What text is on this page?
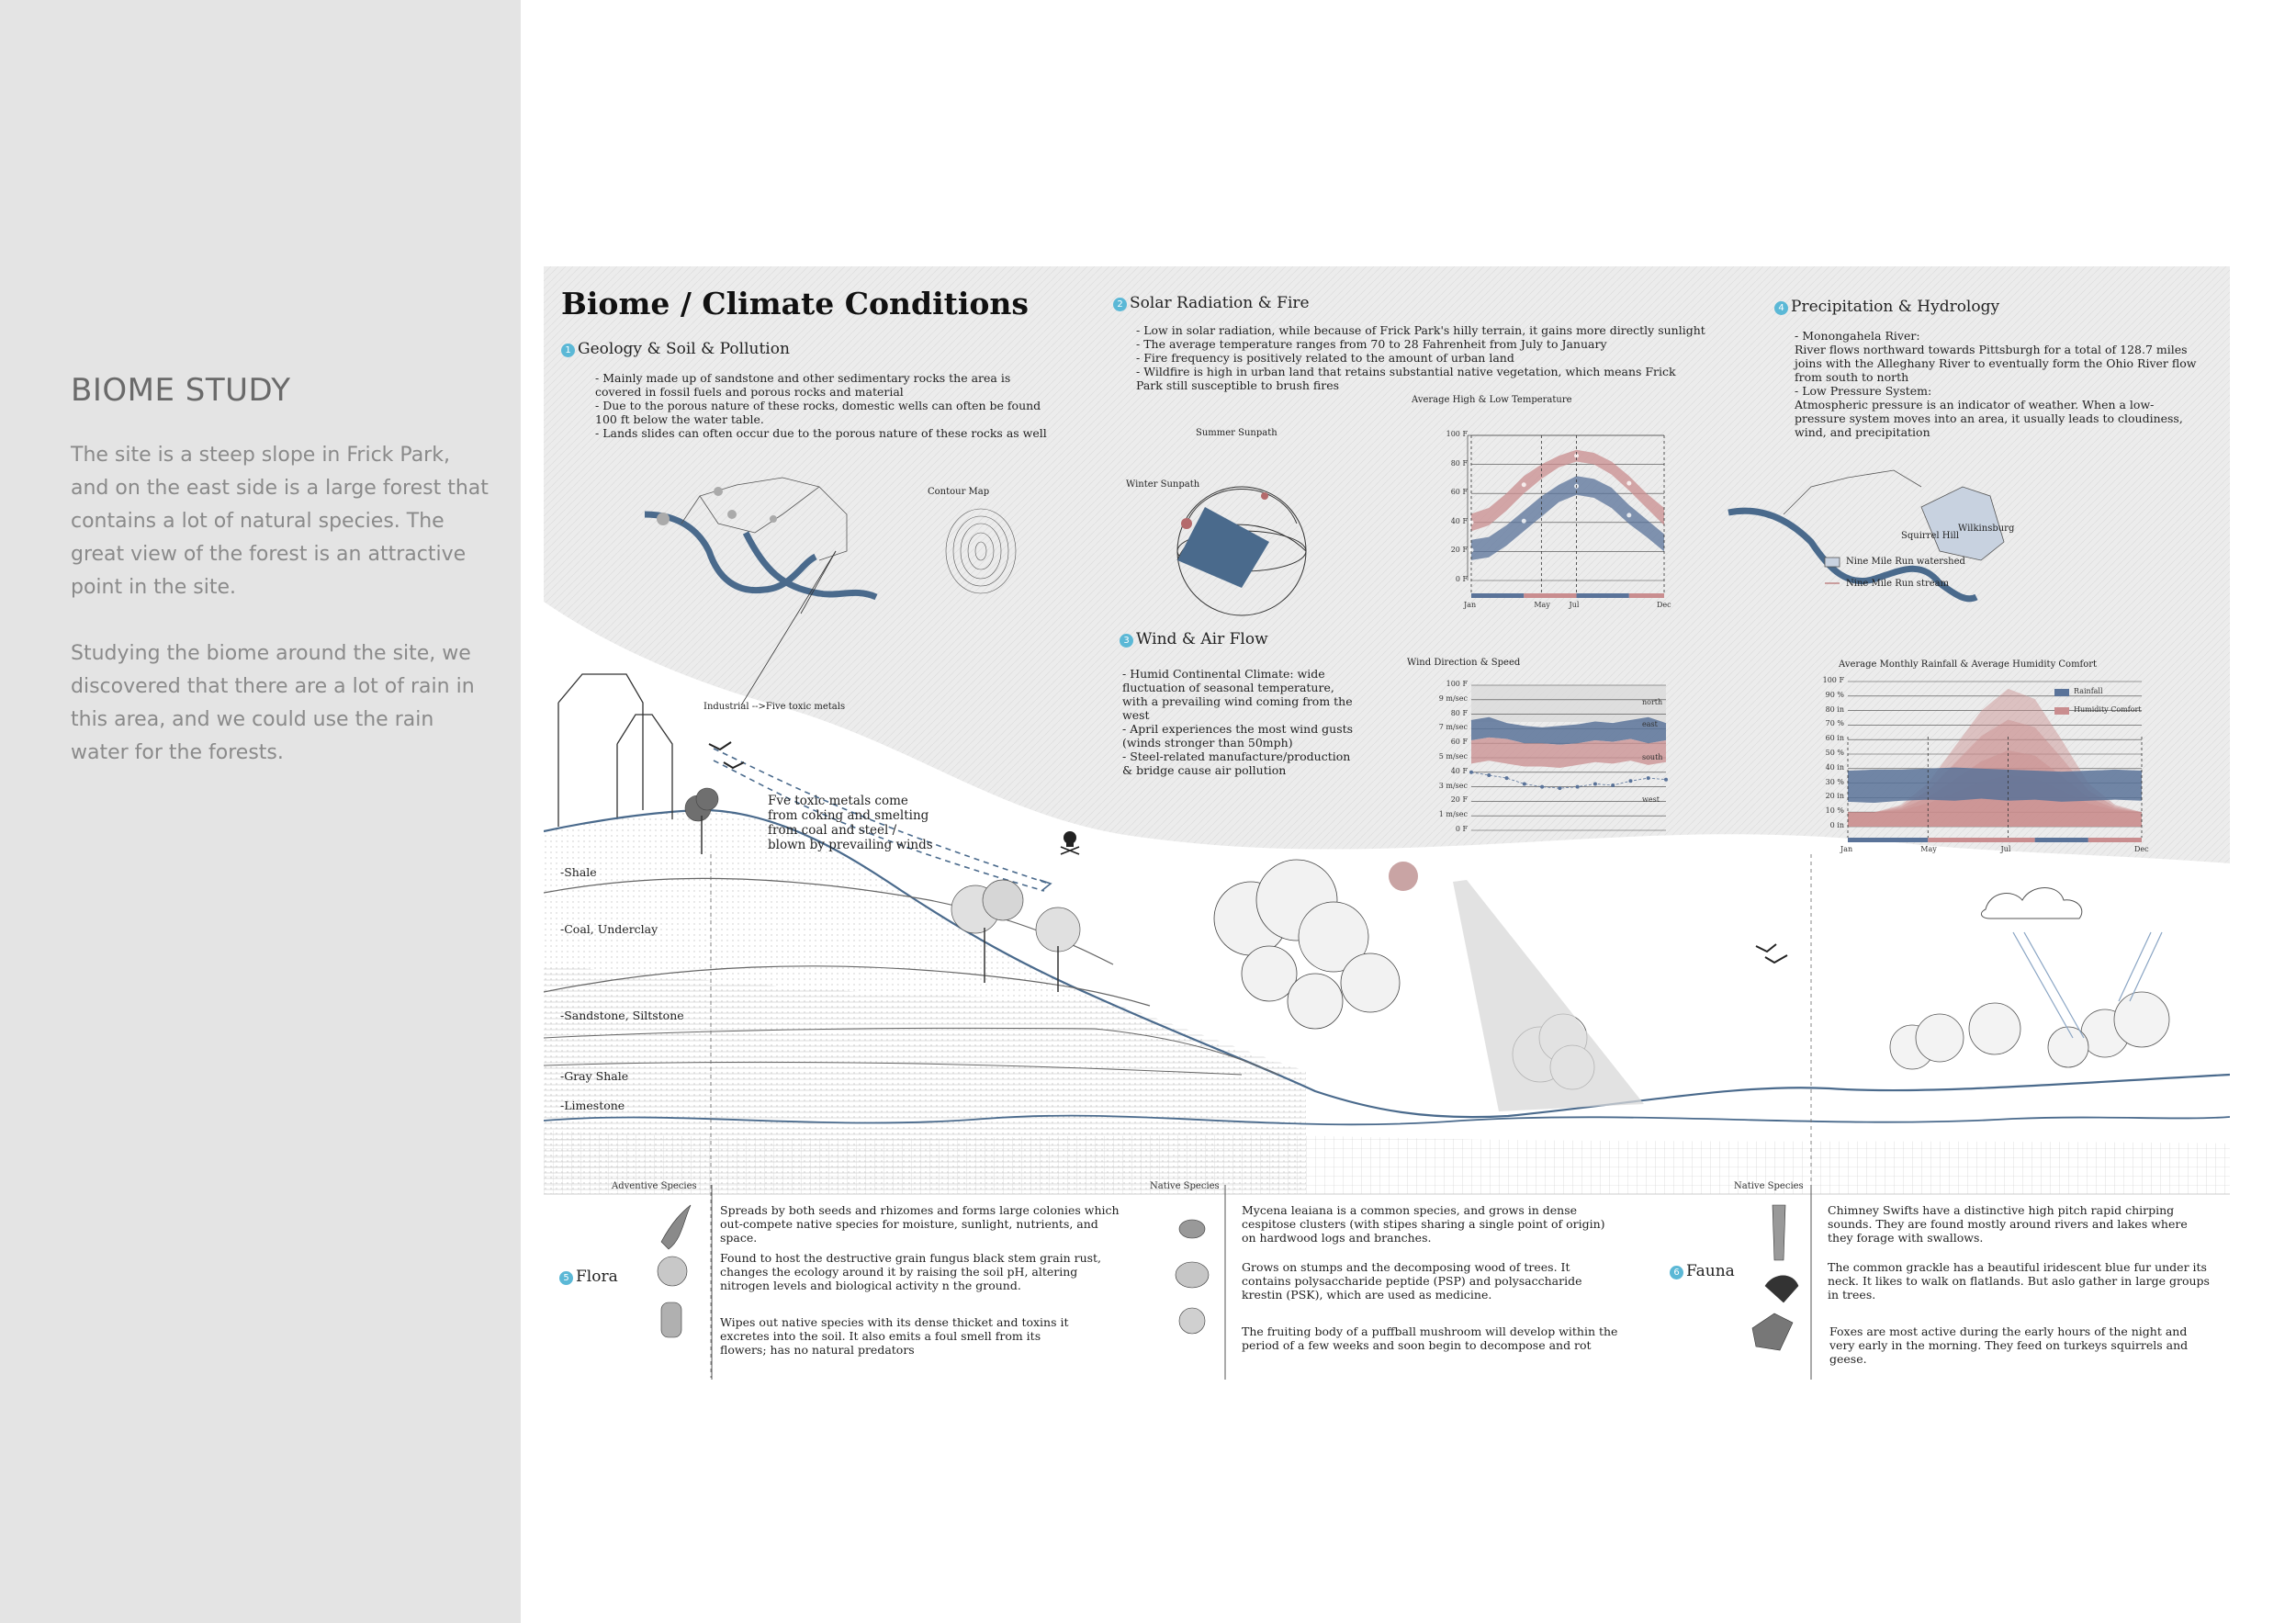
BIOME STUDY

The site is a steep slope in Frick Park, and on the east side is a large forest that contains a lot of natural species. The great view of the forest is an attractive point in the site.

Studying the biome around the site, we discovered that there are a lot of rain in this area, and we could use the rain water for the forests.

Biome / Climate Conditions
1 Geology & Soil & Pollution
- Mainly made up of sandstone and other sedimentary rocks the area is covered in fossil fuels and porous rocks and material
- Due to the porous nature of these rocks, domestic wells can often be found 100 ft below the water table.
- Lands slides can often occur due to the porous nature of these rocks as well
Contour Map
Industrial -->Five toxic metals
Fve toxic metals come from coking and smelting from coal and steel / blown by prevailing winds
2 Solar Radiation & Fire
- Low in solar radiation, while because of Frick Park's hilly terrain, it gains more directly sunlight
- The average temperature ranges from 70 to 28 Fahrenheit from July to January
- Fire frequency is positively related to the amount of urban land
- Wildfire is high in urban land that retains substantial native vegetation, which means Frick Park still susceptible to brush fires
Summer Sunpath
Winter Sunpath
3 Wind & Air Flow
- Humid Continental Climate: wide fluctuation of seasonal temperature, with a prevailing wind coming from the west
- April experiences the most wind gusts (winds stronger than 50mph)
- Steel-related manufacture/production & bridge cause air pollution
4 Precipitation & Hydrology
- Monongahela River:
River flows northward towards Pittsburgh for a total of 128.7 miles joins with the Alleghany River to eventually form the Ohio River flow from south to north
- Low Pressure System:
Atmospheric pressure is an indicator of weather. When a low-pressure system moves into an area, it usually leads to cloudiness, wind, and precipitation
Wilkinsburg
Squirrel Hill
Nine Mile Run watershed
Nine Mile Run stream
Average High & Low Temperature
Wind Direction & Speed	Average Monthly Rainfall & Average Humidity Comfort
100 F
80 F
60 F
40 F
20 F
0 F
Jan	May	Jul	Dec
100 F
9 m/sec
80 F
7 m/sec
60 F
5 m/sec
40 F
3 m/sec
20 F
1 m/sec
0 F
north
east
south
west
100 F
90 %
80 in
70 %
60 in
50 %
40 in
30 %
20 in
10 %
0 in
Jan	May	Jul	Dec
Rainfall
Humidity Comfort
-Shale
-Coal, Underclay
-Sandstone, Siltstone
-Gray Shale
-Limestone
5 Flora
Adventive Species
Spreads by both seeds and rhizomes and forms large colonies which out-compete native species for moisture, sunlight, nutrients, and space.
Found to host the destructive grain fungus black stem grain rust, changes the ecology around it by raising the soil pH, altering nitrogen levels and biological activity n the ground.
Wipes out native species with its dense thicket and toxins it excretes into the soil. It also emits a foul smell from its flowers; has no natural predators
Native Species
Mycena leaiana is a common species, and grows in dense cespitose clusters (with stipes sharing a single point of origin) on hardwood logs and branches.
Grows on stumps and the decomposing wood of trees. It contains polysaccharide peptide (PSP) and polysaccharide krestin (PSK), which are used as medicine.
The fruiting body of a puffball mushroom will develop within the period of a few weeks and soon begin to decompose and rot
6 Fauna
Native Species
Chimney Swifts have a distinctive high pitch rapid chirping sounds. They are found mostly around rivers and lakes where they forage with swallows.
The common grackle has a beautiful iridescent blue fur under its neck. It likes to walk on flatlands. But aslo gather in large groups in trees.
Foxes are most active during the early hours of the night and very early in the morning. They feed on turkeys squirrels and geese.
